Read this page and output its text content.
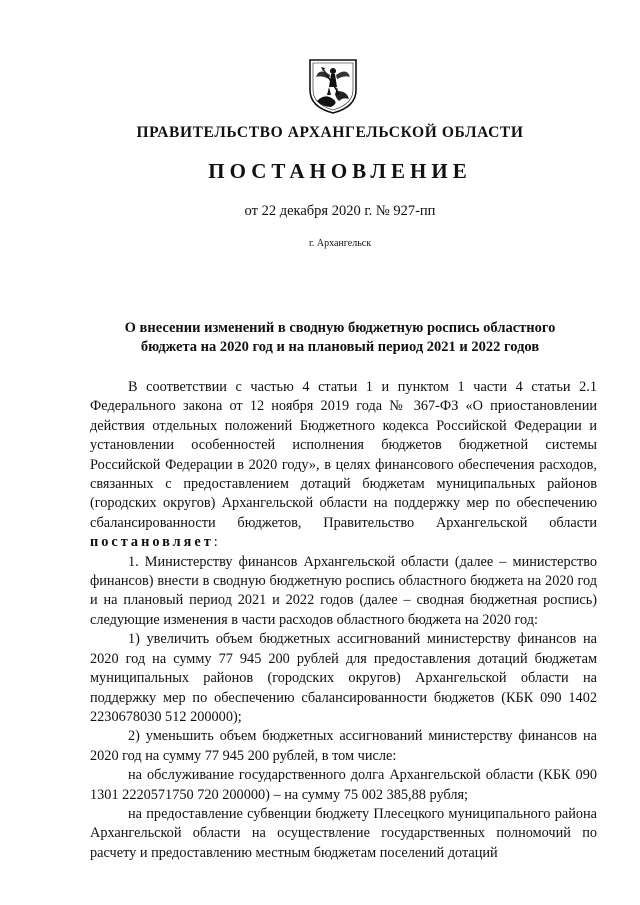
ПРАВИТЕЛЬСТВО АРХАНГЕЛЬСКОЙ ОБЛАСТИ
ПОСТАНОВЛЕНИЕ
от 22 декабря 2020 г. № 927-пп
г. Архангельск
О внесении изменений в сводную бюджетную роспись областного
бюджета на 2020 год и на плановый период 2021 и 2022 годов

В соответствии с частью 4 статьи 1 и пунктом 1 части 4 статьи 2.1 Федерального закона от 12 ноября 2019 года № 367-ФЗ «О приостановлении действия отдельных положений Бюджетного кодекса Российской Федерации и установлении особенностей исполнения бюджетов бюджетной системы Российской Федерации в 2020 году», в целях финансового обеспечения расходов, связанных с предоставлением дотаций бюджетам муниципальных районов (городских округов) Архангельской области на поддержку мер по обеспечению сбалансированности бюджетов, Правительство Архангельской области постановляет:

1. Министерству финансов Архангельской области (далее – министерство финансов) внести в сводную бюджетную роспись областного бюджета на 2020 год и на плановый период 2021 и 2022 годов (далее – сводная бюджетная роспись) следующие изменения в части расходов областного бюджета на 2020 год:

1) увеличить объем бюджетных ассигнований министерству финансов на 2020 год на сумму 77 945 200 рублей для предоставления дотаций бюджетам муниципальных районов (городских округов) Архангельской области на поддержку мер по обеспечению сбалансированности бюджетов (КБК 090 1402 2230678030 512 200000);

2) уменьшить объем бюджетных ассигнований министерству финансов на 2020 год на сумму 77 945 200 рублей, в том числе:

на обслуживание государственного долга Архангельской области (КБК 090 1301 2220571750 720 200000) – на сумму 75 002 385,88 рубля;

на предоставление субвенции бюджету Плесецкого муниципального района Архангельской области на осуществление государственных полномочий по расчету и предоставлению местным бюджетам поселений дотаций
